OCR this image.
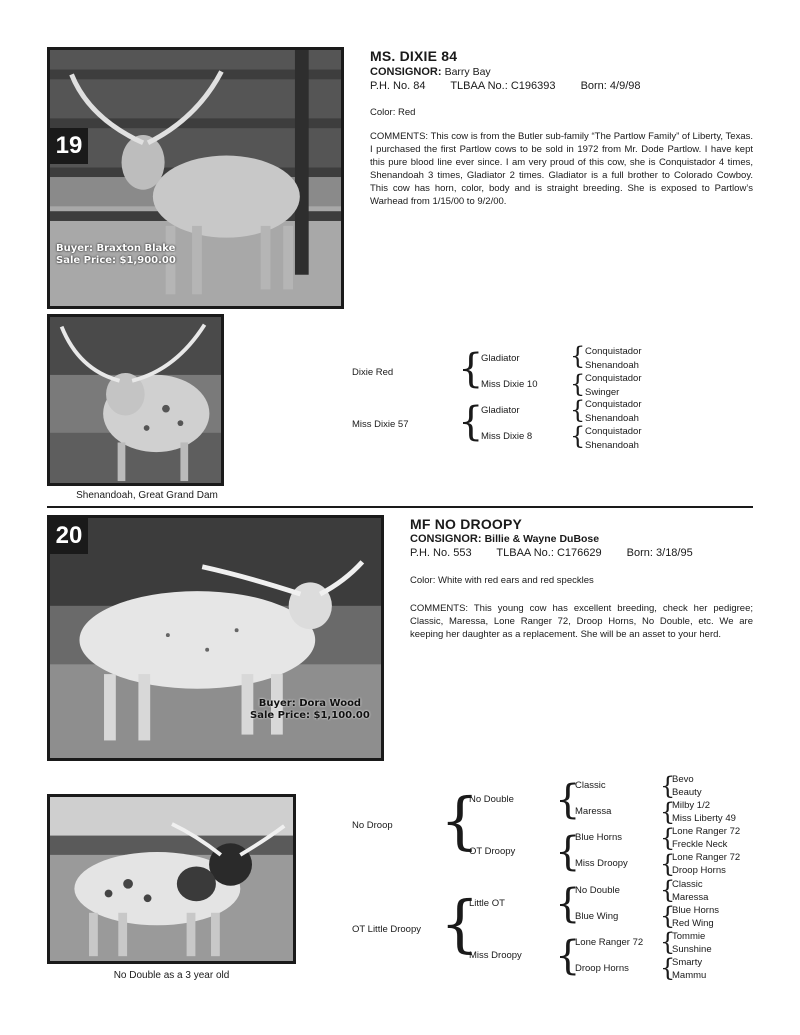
19
Buyer: Braxton Blake
Sale Price: $1,900.00
MS. DIXIE 84
CONSIGNOR: Barry Bay
P.H. No. 84 TLBAA No.: C196393 Born: 4/9/98
Color: Red
COMMENTS: This cow is from the Butler sub-family “The Partlow Family” of Liberty, Texas. I purchased the first Partlow cows to be sold in 1972 from Mr. Dode Partlow. I have kept this pure blood line ever since. I am very proud of this cow, she is Conquistador 4 times, Shenandoah 3 times, Gladiator 2 times. Gladiator is a full brother to Colorado Cowboy. This cow has horn, color, body and is straight breeding. She is exposed to Partlow’s Warhead from 1/15/00 to 9/2/00.
Shenandoah, Great Grand Dam
Dixie Red
Miss Dixie 57
{
{
Gladiator
Miss Dixie 10
Gladiator
Miss Dixie 8
{
{
{
{
Conquistador
Shenandoah
Conquistador
Swinger
Conquistador
Shenandoah
Conquistador
Shenandoah
20
Buyer: Dora Wood
Sale Price: $1,100.00
MF NO DROOPY
CONSIGNOR: Billie & Wayne DuBose
P.H. No. 553 TLBAA No.: C176629 Born: 3/18/95
Color: White with red ears and red speckles
COMMENTS: This young cow has excellent breeding, check her pedigree; Classic, Maressa, Lone Ranger 72, Droop Horns, No Double, etc. We are keeping her daughter as a replacement. She will be an asset to your herd.
No Double as a 3 year old
No Droop
OT Little Droopy
{
{
No Double
OT Droopy
Little OT
Miss Droopy
{
{
{
{
Classic
Maressa
Blue Horns
Miss Droopy
No Double
Blue Wing
Lone Ranger 72
Droop Horns
{
{
{
{
{
{
{
{
Bevo
Beauty
Milby 1/2
Miss Liberty 49
Lone Ranger 72
Freckle Neck
Lone Ranger 72
Droop Horns
Classic
Maressa
Blue Horns
Red Wing
Tommie
Sunshine
Smarty
Mammu
